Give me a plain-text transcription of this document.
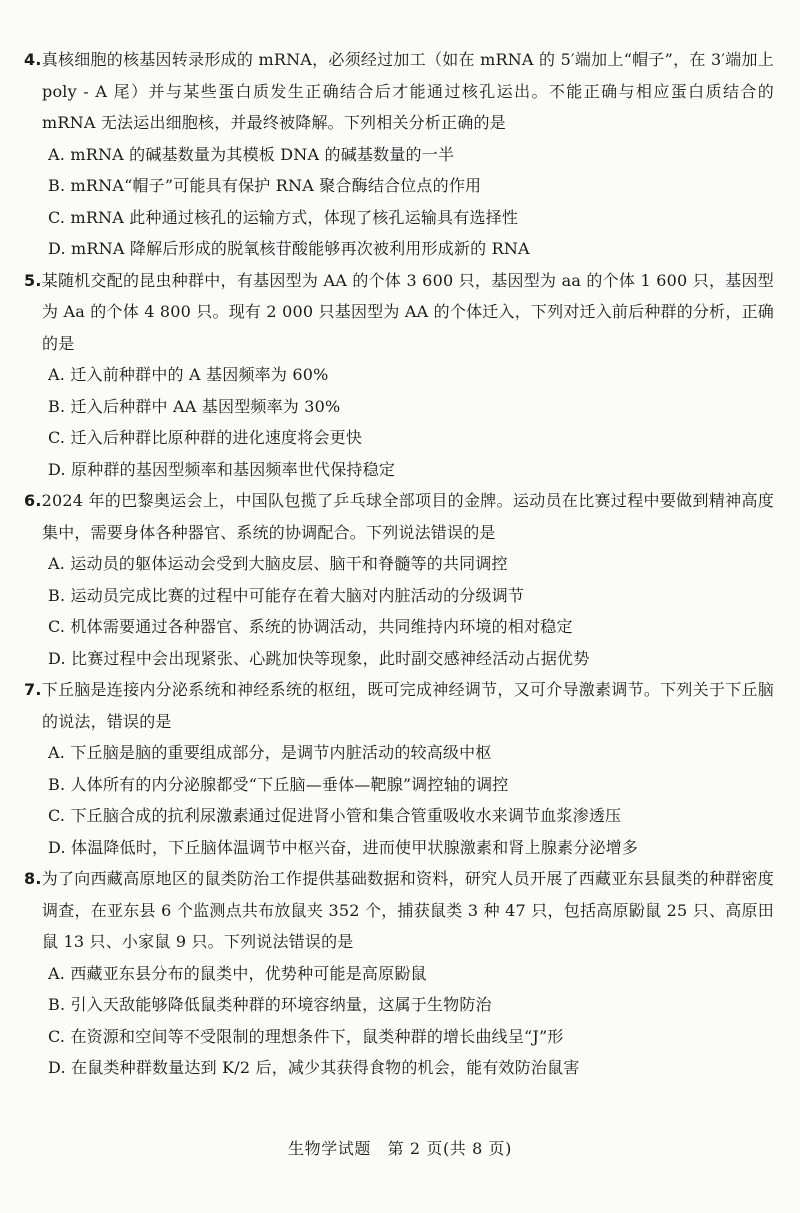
4.真核细胞的核基因转录形成的 mRNA，必须经过加工（如在 mRNA 的 5′端加上“帽子”，在 3′端加上 poly - A 尾）并与某些蛋白质发生正确结合后才能通过核孔运出。不能正确与相应蛋白质结合的 mRNA 无法运出细胞核，并最终被降解。下列相关分析正确的是

A. mRNA 的碱基数量为其模板 DNA 的碱基数量的一半
B. mRNA“帽子”可能具有保护 RNA 聚合酶结合位点的作用
C. mRNA 此种通过核孔的运输方式，体现了核孔运输具有选择性
D. mRNA 降解后形成的脱氧核苷酸能够再次被利用形成新的 RNA

5.某随机交配的昆虫种群中，有基因型为 AA 的个体 3 600 只，基因型为 aa 的个体 1 600 只，基因型为 Aa 的个体 4 800 只。现有 2 000 只基因型为 AA 的个体迁入，下列对迁入前后种群的分析，正确的是

A. 迁入前种群中的 A 基因频率为 60%
B. 迁入后种群中 AA 基因型频率为 30%
C. 迁入后种群比原种群的进化速度将会更快
D. 原种群的基因型频率和基因频率世代保持稳定

6.2024 年的巴黎奥运会上，中国队包揽了乒乓球全部项目的金牌。运动员在比赛过程中要做到精神高度集中，需要身体各种器官、系统的协调配合。下列说法错误的是

A. 运动员的躯体运动会受到大脑皮层、脑干和脊髓等的共同调控
B. 运动员完成比赛的过程中可能存在着大脑对内脏活动的分级调节
C. 机体需要通过各种器官、系统的协调活动，共同维持内环境的相对稳定
D. 比赛过程中会出现紧张、心跳加快等现象，此时副交感神经活动占据优势

7.下丘脑是连接内分泌系统和神经系统的枢纽，既可完成神经调节，又可介导激素调节。下列关于下丘脑的说法，错误的是

A. 下丘脑是脑的重要组成部分，是调节内脏活动的较高级中枢
B. 人体所有的内分泌腺都受“下丘脑—垂体—靶腺”调控轴的调控
C. 下丘脑合成的抗利尿激素通过促进肾小管和集合管重吸收水来调节血浆渗透压
D. 体温降低时，下丘脑体温调节中枢兴奋，进而使甲状腺激素和肾上腺素分泌增多

8.为了向西藏高原地区的鼠类防治工作提供基础数据和资料，研究人员开展了西藏亚东县鼠类的种群密度调查，在亚东县 6 个监测点共布放鼠夹 352 个，捕获鼠类 3 种 47 只，包括高原鼢鼠 25 只、高原田鼠 13 只、小家鼠 9 只。下列说法错误的是

A. 西藏亚东县分布的鼠类中，优势种可能是高原鼢鼠
B. 引入天敌能够降低鼠类种群的环境容纳量，这属于生物防治
C. 在资源和空间等不受限制的理想条件下，鼠类种群的增长曲线呈“J”形
D. 在鼠类种群数量达到 K/2 后，减少其获得食物的机会，能有效防治鼠害
生物学试题　第 2 页(共 8 页)
